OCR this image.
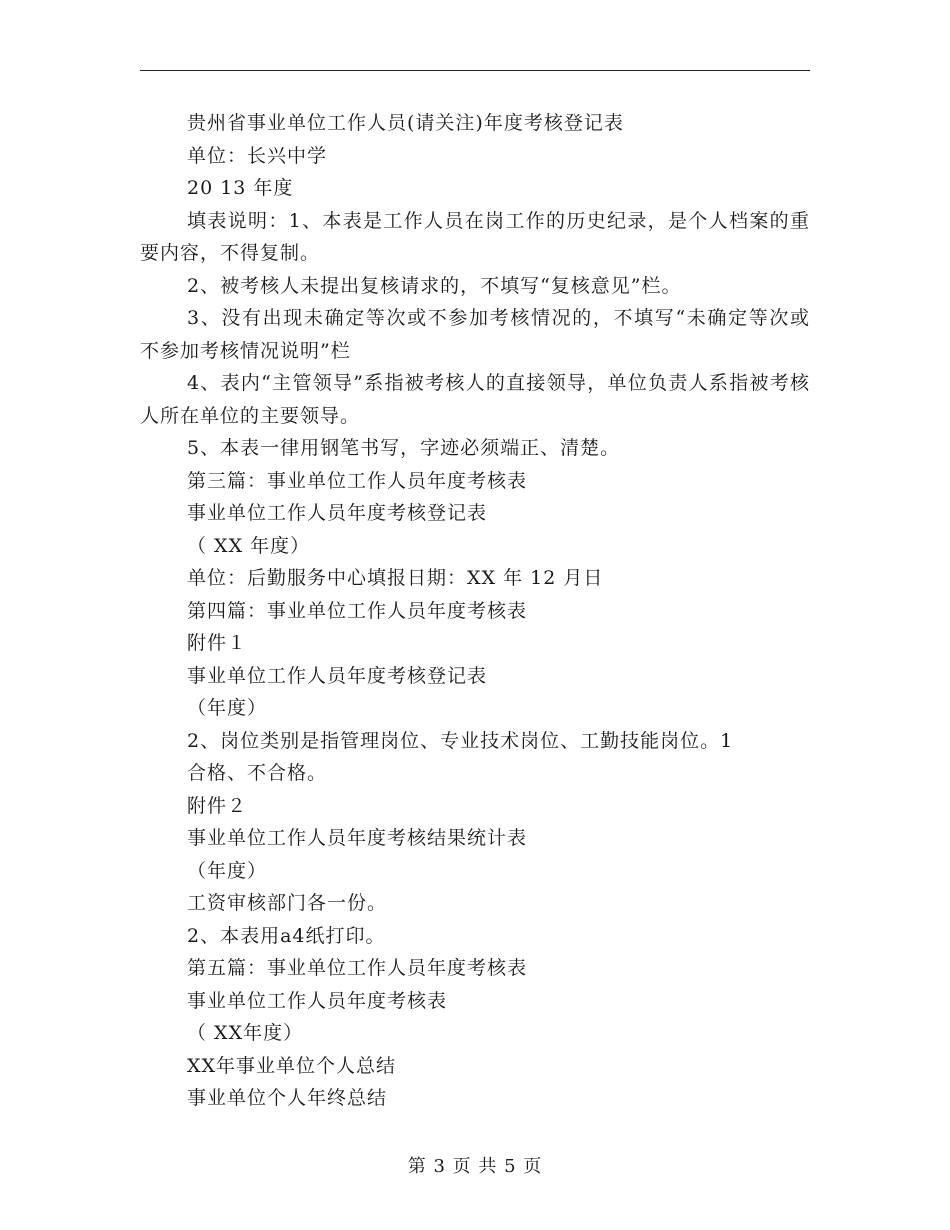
贵州省事业单位工作人员(请关注)年度考核登记表
单位：长兴中学
20 13 年度
填表说明：1、本表是工作人员在岗工作的历史纪录，是个人档案的重要内容，不得复制。
2、被考核人未提出复核请求的，不填写“复核意见”栏。
3、没有出现未确定等次或不参加考核情况的，不填写“未确定等次或不参加考核情况说明”栏
4、表内“主管领导”系指被考核人的直接领导，单位负责人系指被考核人所在单位的主要领导。
5、本表一律用钢笔书写，字迹必须端正、清楚。
第三篇：事业单位工作人员年度考核表
事业单位工作人员年度考核登记表
（ XX 年度）
单位：后勤服务中心填报日期：XX 年 12 月日
第四篇：事业单位工作人员年度考核表
附件１
事业单位工作人员年度考核登记表
（年度）
2、岗位类别是指管理岗位、专业技术岗位、工勤技能岗位。1
合格、不合格。
附件２
事业单位工作人员年度考核结果统计表
（年度）
工资审核部门各一份。
2、本表用a4纸打印。
第五篇：事业单位工作人员年度考核表
事业单位工作人员年度考核表
（ XX年度）
XX年事业单位个人总结
事业单位个人年终总结
第 3 页 共 5 页
